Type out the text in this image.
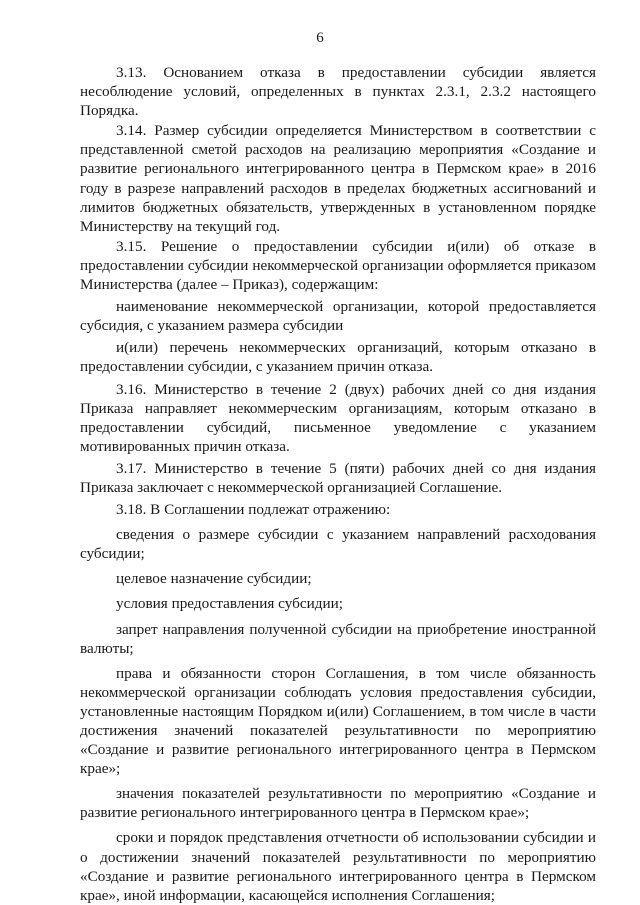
6

3.13. Основанием отказа в предоставлении субсидии является несоблюдение условий, определенных в пунктах 2.3.1, 2.3.2 настоящего Порядка.

3.14. Размер субсидии определяется Министерством в соответствии с представленной сметой расходов на реализацию мероприятия «Создание и развитие регионального интегрированного центра в Пермском крае» в 2016 году в разрезе направлений расходов в пределах бюджетных ассигнований и лимитов бюджетных обязательств, утвержденных в установленном порядке Министерству на текущий год.

3.15. Решение о предоставлении субсидии и(или) об отказе в предоставлении субсидии некоммерческой организации оформляется приказом Министерства (далее – Приказ), содержащим:

наименование некоммерческой организации, которой предоставляется субсидия, с указанием размера субсидии

и(или) перечень некоммерческих организаций, которым отказано в предоставлении субсидии, с указанием причин отказа.

3.16. Министерство в течение 2 (двух) рабочих дней со дня издания Приказа направляет некоммерческим организациям, которым отказано в предоставлении субсидий, письменное уведомление с указанием мотивированных причин отказа.

3.17. Министерство в течение 5 (пяти) рабочих дней со дня издания Приказа заключает с некоммерческой организацией Соглашение.

3.18. В Соглашении подлежат отражению:

сведения о размере субсидии с указанием направлений расходования субсидии;

целевое назначение субсидии;

условия предоставления субсидии;

запрет направления полученной субсидии на приобретение иностранной валюты;

права и обязанности сторон Соглашения, в том числе обязанность некоммерческой организации соблюдать условия предоставления субсидии, установленные настоящим Порядком и(или) Соглашением, в том числе в части достижения значений показателей результативности по мероприятию «Создание и развитие регионального интегрированного центра в Пермском крае»;

значения показателей результативности по мероприятию «Создание и развитие регионального интегрированного центра в Пермском крае»;

сроки и порядок представления отчетности об использовании субсидии и о достижении значений показателей результативности по мероприятию «Создание и развитие регионального интегрированного центра в Пермском крае», иной информации, касающейся исполнения Соглашения;
